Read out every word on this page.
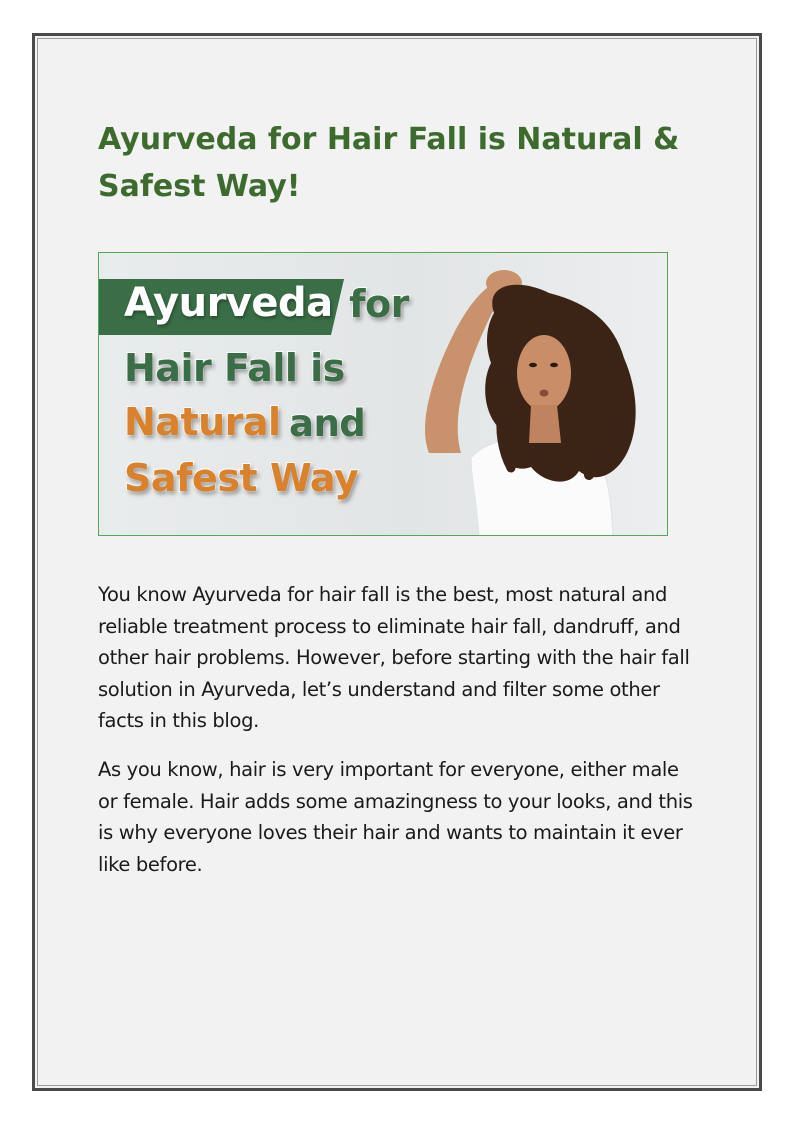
Ayurveda for Hair Fall is Natural & Safest Way!
Ayurveda for
Hair Fall is
Natural and
Safest Way

You know Ayurveda for hair fall is the best, most natural and reliable treatment process to eliminate hair fall, dandruff, and other hair problems. However, before starting with the hair fall solution in Ayurveda, let’s understand and filter some other facts in this blog.

As you know, hair is very important for everyone, either male or female. Hair adds some amazingness to your looks, and this is why everyone loves their hair and wants to maintain it ever like before.
